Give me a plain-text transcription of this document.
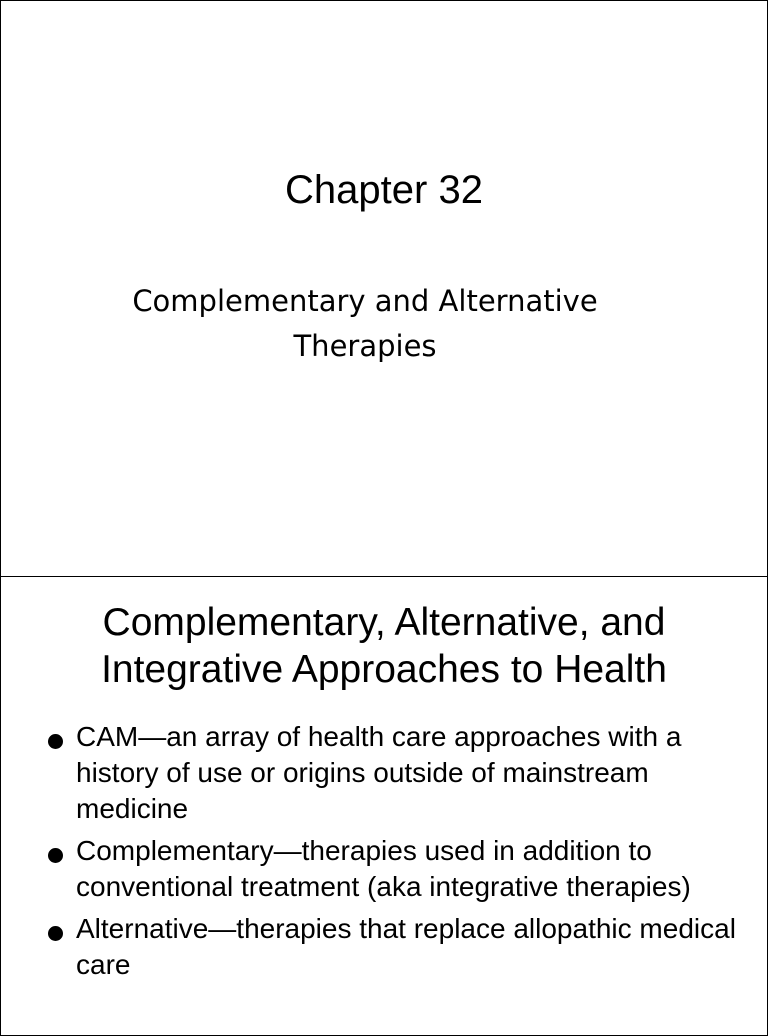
Chapter 32
Complementary and Alternative Therapies
Complementary, Alternative, and Integrative Approaches to Health
CAM—an array of health care approaches with a history of use or origins outside of mainstream medicine
Complementary—therapies used in addition to conventional treatment (aka integrative therapies)
Alternative—therapies that replace allopathic medical care
